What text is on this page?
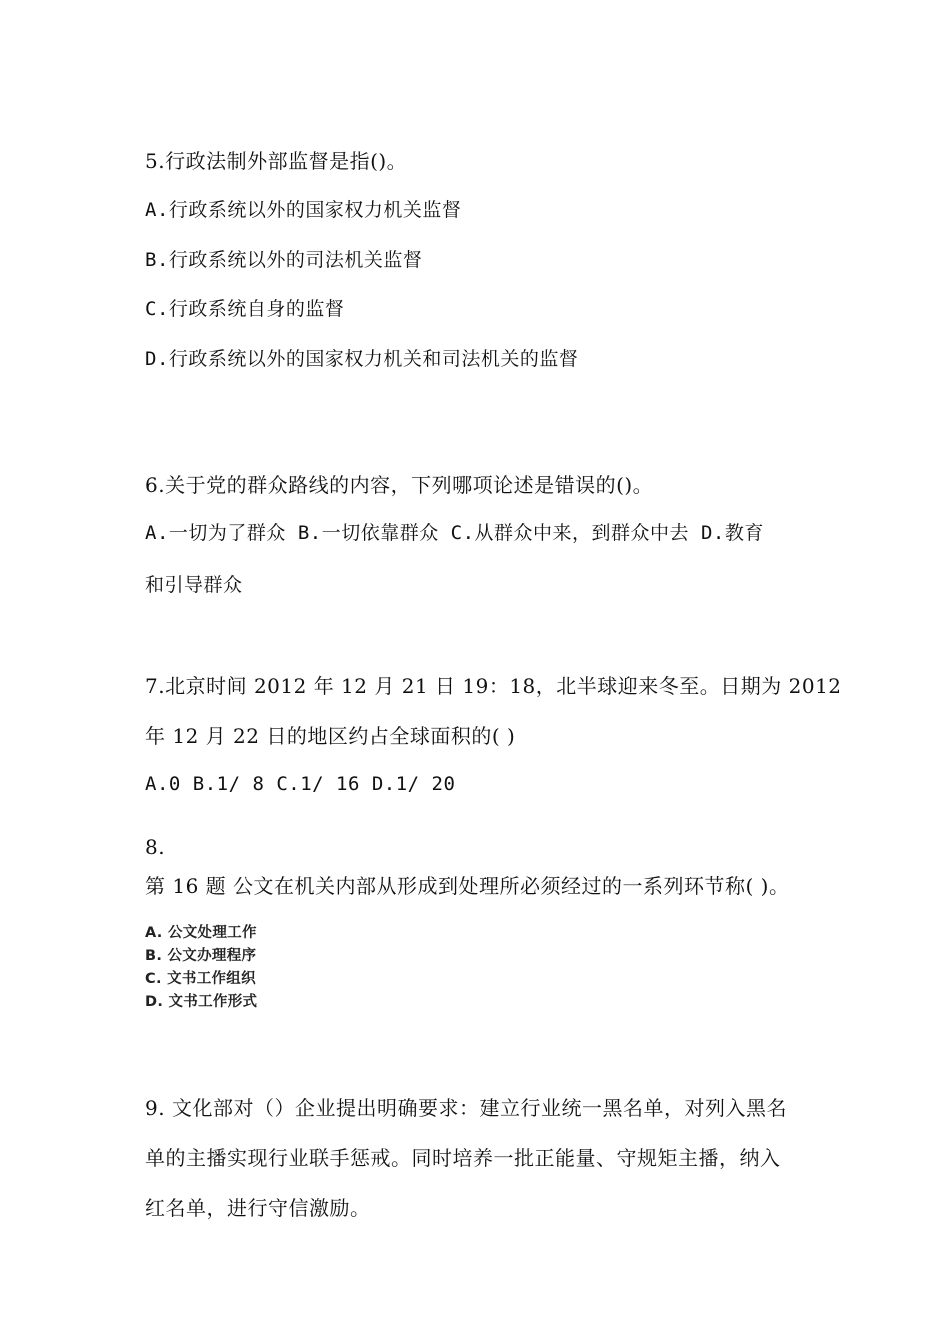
5.行政法制外部监督是指()。
A.行政系统以外的国家权力机关监督
B.行政系统以外的司法机关监督
C.行政系统自身的监督
D.行政系统以外的国家权力机关和司法机关的监督
6.关于党的群众路线的内容，下列哪项论述是错误的()。
A.一切为了群众 B.一切依靠群众 C.从群众中来，到群众中去 D.教育
和引导群众
7.北京时间 2012 年 12 月 21 日 19：18，北半球迎来冬至。日期为 2012
年 12 月 22 日的地区约占全球面积的( )
A.0 B.1/ 8 C.1/ 16 D.1/ 20
8.
第 16 题 公文在机关内部从形成到处理所必须经过的一系列环节称( )。
A. 公文处理工作
B. 公文办理程序
C. 文书工作组织
D. 文书工作形式
9. 文化部对（）企业提出明确要求：建立行业统一黑名单，对列入黑名
单的主播实现行业联手惩戒。同时培养一批正能量、守规矩主播，纳入
红名单，进行守信激励。
